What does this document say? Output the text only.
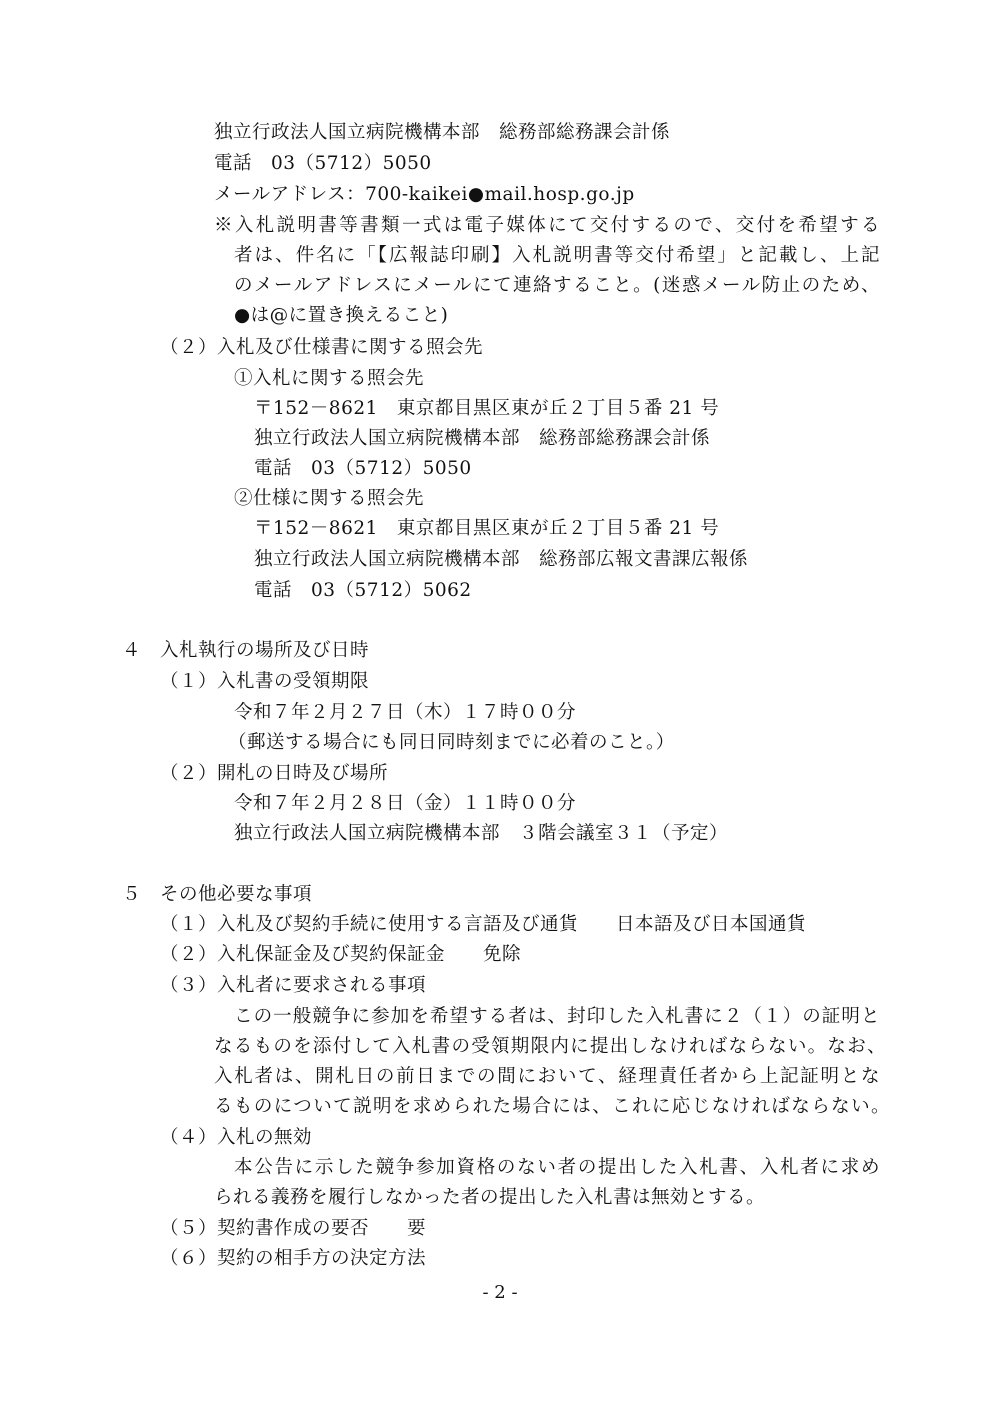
独立行政法人国立病院機構本部　総務部総務課会計係
電話　03（5712）5050
メールアドレス：700-kaikei●mail.hosp.go.jp
※入札説明書等書類一式は電子媒体にて交付するので、交付を希望する
者は、件名に「【広報誌印刷】入札説明書等交付希望」と記載し、上記
のメールアドレスにメールにて連絡すること。(迷惑メール防止のため、
●は@に置き換えること)
（２）入札及び仕様書に関する照会先
①入札に関する照会先
〒152－8621　東京都目黒区東が丘２丁目５番 21 号
独立行政法人国立病院機構本部　総務部総務課会計係
電話　03（5712）5050
②仕様に関する照会先
〒152－8621　東京都目黒区東が丘２丁目５番 21 号
独立行政法人国立病院機構本部　総務部広報文書課広報係
電話　03（5712）5062
４　入札執行の場所及び日時
（１）入札書の受領期限
令和７年２月２７日（木）１７時００分
（郵送する場合にも同日同時刻までに必着のこと。）
（２）開札の日時及び場所
令和７年２月２８日（金）１１時００分
独立行政法人国立病院機構本部　３階会議室３１（予定）
５　その他必要な事項
（１）入札及び契約手続に使用する言語及び通貨　　日本語及び日本国通貨
（２）入札保証金及び契約保証金　　免除
（３）入札者に要求される事項
この一般競争に参加を希望する者は、封印した入札書に２（１）の証明と
なるものを添付して入札書の受領期限内に提出しなければならない。なお、
入札者は、開札日の前日までの間において、経理責任者から上記証明とな
るものについて説明を求められた場合には、これに応じなければならない。
（４）入札の無効
本公告に示した競争参加資格のない者の提出した入札書、入札者に求め
られる義務を履行しなかった者の提出した入札書は無効とする。
（５）契約書作成の要否　　要
（６）契約の相手方の決定方法
- 2 -
